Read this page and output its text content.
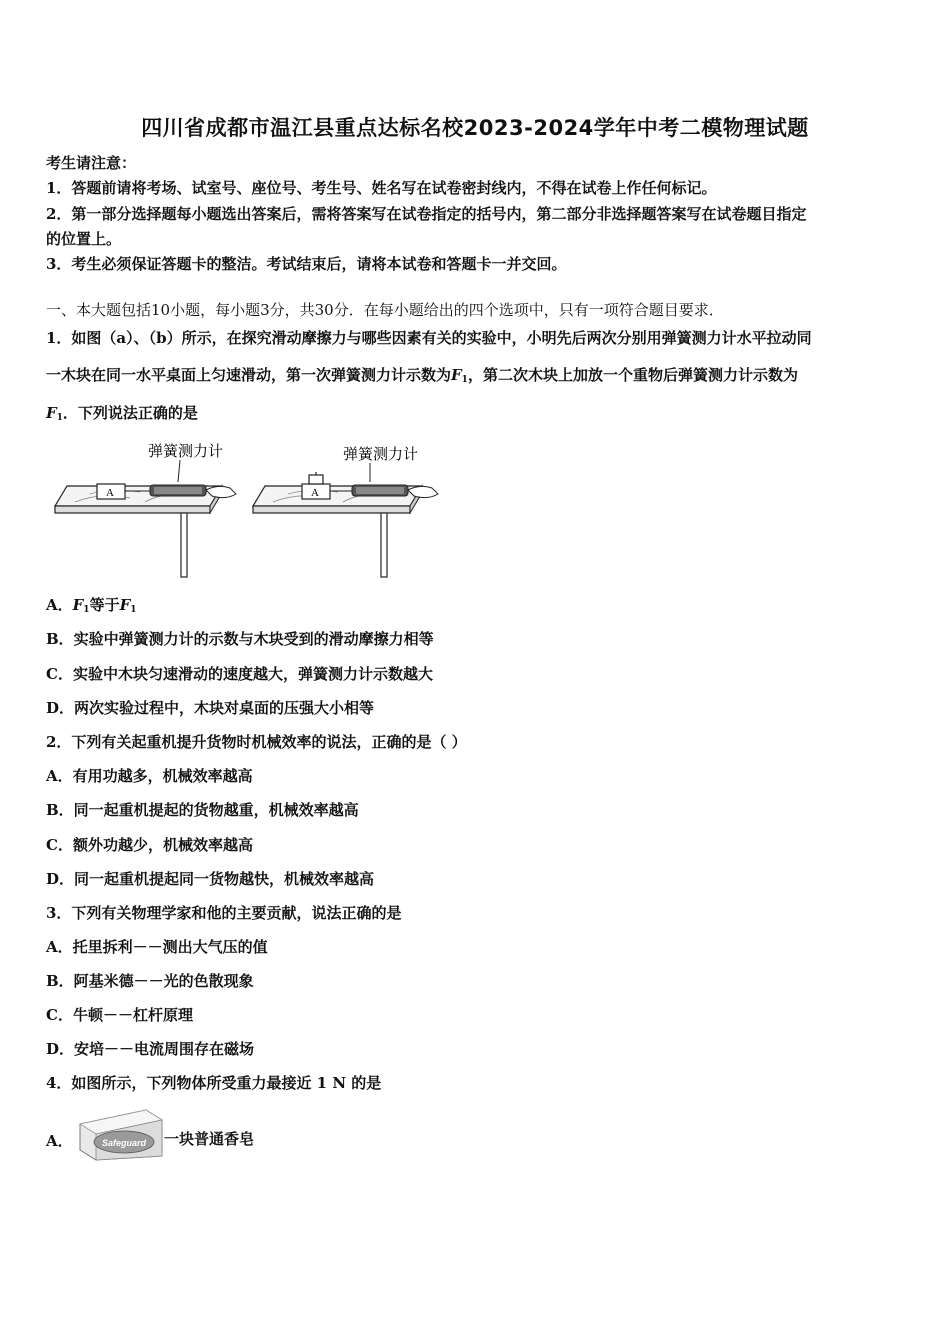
四川省成都市温江县重点达标名校2023-2024学年中考二模物理试题
考生请注意：
1．答题前请将考场、试室号、座位号、考生号、姓名写在试卷密封线内，不得在试卷上作任何标记。
2．第一部分选择题每小题选出答案后，需将答案写在试卷指定的括号内，第二部分非选择题答案写在试卷题目指定
的位置上。
3．考生必须保证答题卡的整洁。考试结束后，请将本试卷和答题卡一并交回。
一、本大题包括10小题，每小题3分，共30分．在每小题给出的四个选项中，只有一项符合题目要求．
1．如图（a）、（b）所示，在探究滑动摩擦力与哪些因素有关的实验中，小明先后两次分别用弹簧测力计水平拉动同
一木块在同一水平桌面上匀速滑动，第一次弹簧测力计示数为$F_1$，第二次木块上加放一个重物后弹簧测力计示数为
$F_1$．下列说法正确的是
弹簧测力计
A
弹簧测力计
A
A．$F_1$等于$F_1$
B．实验中弹簧测力计的示数与木块受到的滑动摩擦力相等
C．实验中木块匀速滑动的速度越大，弹簧测力计示数越大
D．两次实验过程中，木块对桌面的压强大小相等
2．下列有关起重机提升货物时机械效率的说法，正确的是（ ）
A．有用功越多，机械效率越高
B．同一起重机提起的货物越重，机械效率越高
C．额外功越少，机械效率越高
D．同一起重机提起同一货物越快，机械效率越高
3．下列有关物理学家和他的主要贡献，说法正确的是
A．托里拆利－－测出大气压的值
B．阿基米德－－光的色散现象
C．牛顿－－杠杆原理
D．安培－－电流周围存在磁场
4．如图所示，下列物体所受重力最接近 1 N 的是
A．	Safeguard 一块普通香皂
